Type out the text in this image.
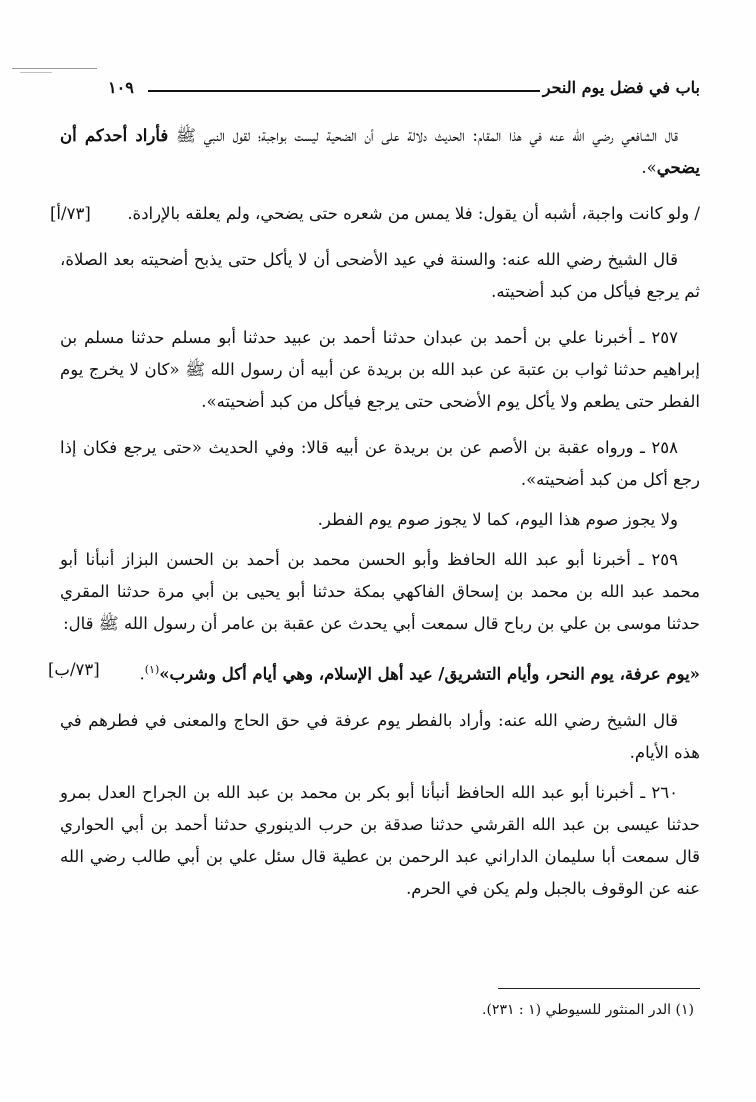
باب في فضل يوم النحر
١٠٩

قال الشافعي رضي الله عنه في هذا المقام: الحديث دلالة على أن الضحية ليست بواجبة؛ لقول النبي ﷺ فأراد أحدكم أن يضحي».

/ ولو كانت واجبة، أشبه أن يقول: فلا يمس من شعره حتى يضحي، ولم يعلقه بالإرادة.
[٧٣/أ]

قال الشيخ رضي الله عنه: والسنة في عيد الأضحى أن لا يأكل حتى يذبح أضحيته بعد الصلاة، ثم يرجع فيأكل من كبد أضحيته.

٢٥٧ ـ أخبرنا علي بن أحمد بن عبدان حدثنا أحمد بن عبيد حدثنا أبو مسلم حدثنا مسلم بن إبراهيم حدثنا ثواب بن عتبة عن عبد الله بن بريدة عن أبيه أن رسول الله ﷺ «كان لا يخرج يوم الفطر حتى يطعم ولا يأكل يوم الأضحى حتى يرجع فيأكل من كبد أضحيته».

٢٥٨ ـ ورواه عقبة بن الأصم عن بن بريدة عن أبيه قالا: وفي الحديث «حتى يرجع فكان إذا رجع أكل من كبد أضحيته».

ولا يجوز صوم هذا اليوم، كما لا يجوز صوم يوم الفطر.

٢٥٩ ـ أخبرنا أبو عبد الله الحافظ وأبو الحسن محمد بن أحمد بن الحسن البزاز أنبأنا أبو محمد عبد الله بن محمد بن إسحاق الفاكهي بمكة حدثنا أبو يحيى بن أبي مرة حدثنا المقري حدثنا موسى بن علي بن رباح قال سمعت أبي يحدث عن عقبة بن عامر أن رسول الله ﷺ قال:

«يوم عرفة، يوم النحر، وأيام التشريق/ عيد أهل الإسلام، وهي أيام أكل وشرب»$^{(١)}$.
[٧٣/ب]

قال الشيخ رضي الله عنه: وأراد بالفطر يوم عرفة في حق الحاج والمعنى في فطرهم في هذه الأيام.

٢٦٠ ـ أخبرنا أبو عبد الله الحافظ أنبأنا أبو بكر بن محمد بن عبد الله بن الجراح العدل بمرو حدثنا عيسى بن عبد الله القرشي حدثنا صدقة بن حرب الدينوري حدثنا أحمد بن أبي الحواري قال سمعت أبا سليمان الداراني عبد الرحمن بن عطية قال سئل علي بن أبي طالب رضي الله عنه عن الوقوف بالجبل ولم يكن في الحرم.

(١) الدر المنثور للسيوطي (١ : ٢٣١).
